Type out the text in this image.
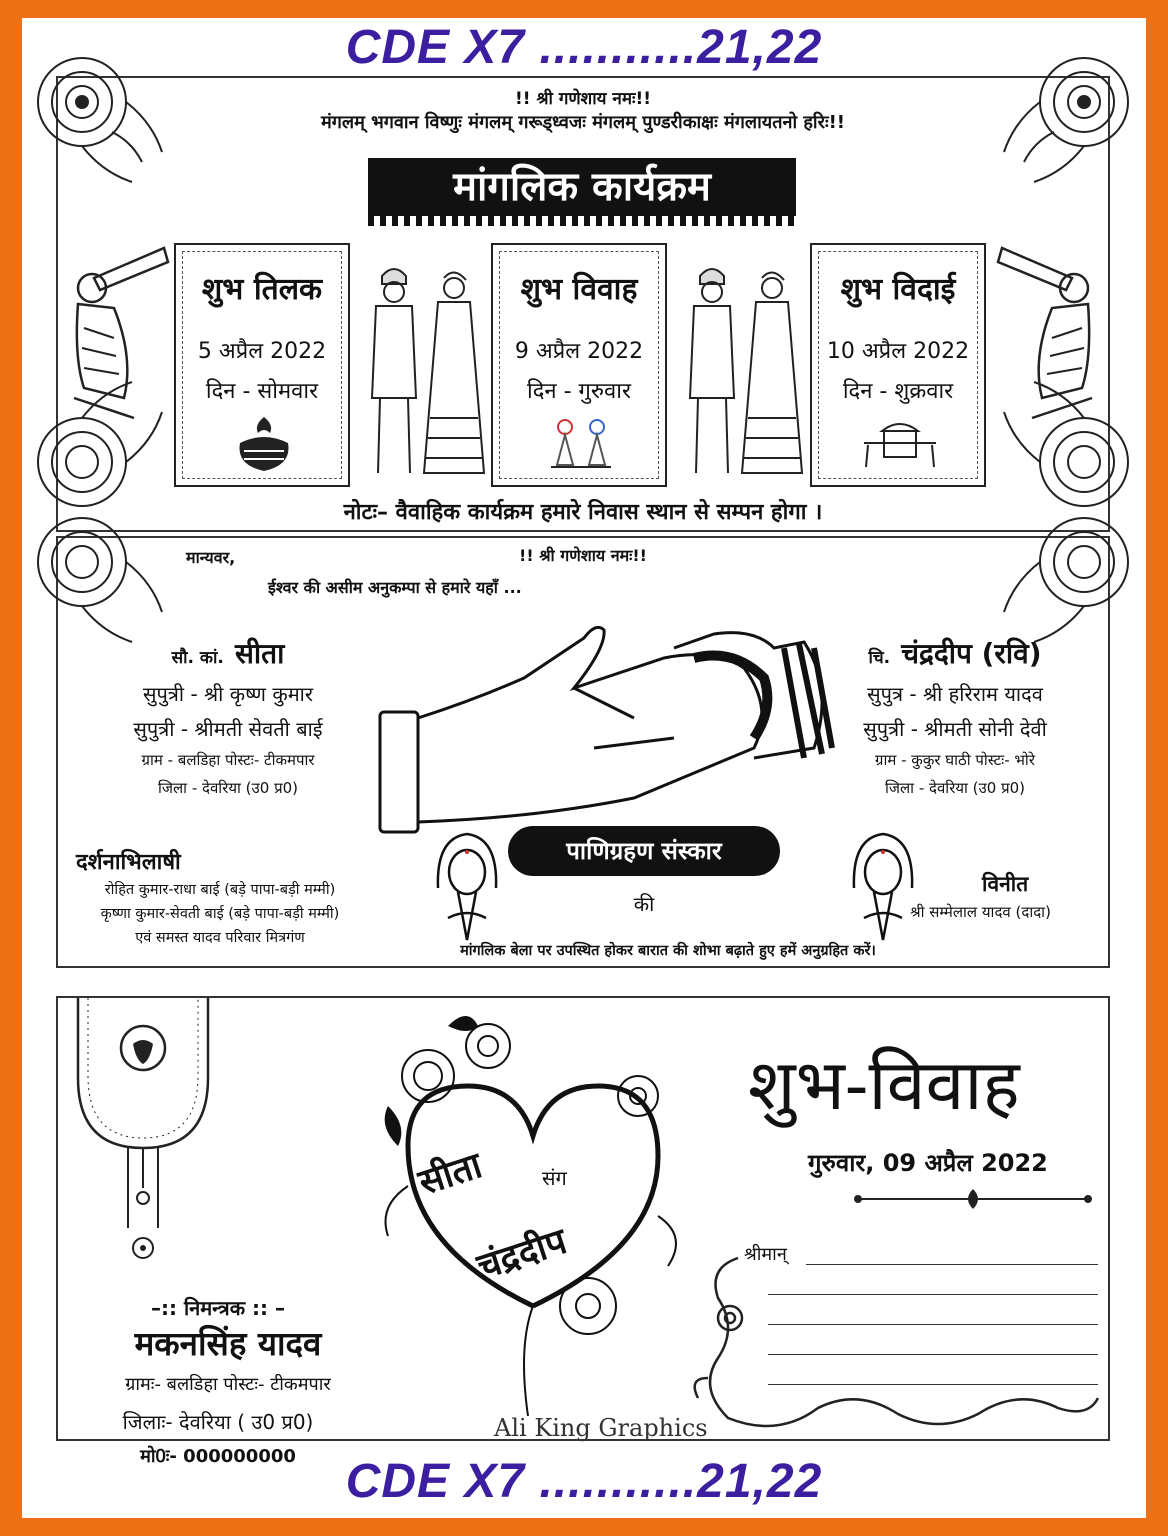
CDE X7 ...........21,22
!! श्री गणेशाय नमः!!
मंगलम् भगवान विष्णुः मंगलम् गरूड्ध्वजः मंगलम् पुण्डरीकाक्षः मंगलायतनो हरिः!!
मांगलिक कार्यक्रम
शुभ तिलक
5 अप्रैल 2022
दिन - सोमवार
शुभ विवाह
9 अप्रैल 2022
दिन - गुरुवार
शुभ विदाई
10 अप्रैल 2022
दिन - शुक्रवार
नोटः– वैवाहिक कार्यक्रम हमारे निवास स्थान से सम्पन होगा ।
मान्यवर,	!! श्री गणेशाय नमः!!
ईश्वर की असीम अनुकम्पा से हमारे यहाँ ...
सौ. कां. सीता
सुपुत्री - श्री कृष्ण कुमार
सुपुत्री - श्रीमती सेवती बाई
ग्राम - बलडिहा पोस्टः- टीकमपार
जिला - देवरिया (उ0 प्र0)
चि. चंद्रदीप (रवि)
सुपुत्र - श्री हरिराम यादव
सुपुत्री - श्रीमती सोनी देवी
ग्राम - कुकुर घाठी पोस्टः- भोरे
जिला - देवरिया (उ0 प्र0)
पाणिग्रहण संस्कार
की
दर्शनाभिलाषी
रोहित कुमार-राधा बाई (बड़े पापा-बड़ी मम्मी)
कृष्णा कुमार-सेवती बाई (बड़े पापा-बड़ी मम्मी)
एवं समस्त यादव परिवार मित्रगंण
विनीत
श्री सम्मेलाल यादव (दादा)
मांगलिक बेला पर उपस्थित होकर बारात की शोभा बढ़ाते हुए हमें अनुग्रहित करें।
–:: निमन्त्रक :: –
मकनसिंह यादव
ग्रामः- बलडिहा पोस्टः- टीकमपार
जिलाः- देवरिया ( उ0 प्र0)
मो0ः- 000000000
सीता	संग
चंद्रदीप
शुभ-विवाह
गुरुवार, 09 अप्रैल 2022
श्रीमान्
Ali King Graphics
CDE X7 ...........21,22
